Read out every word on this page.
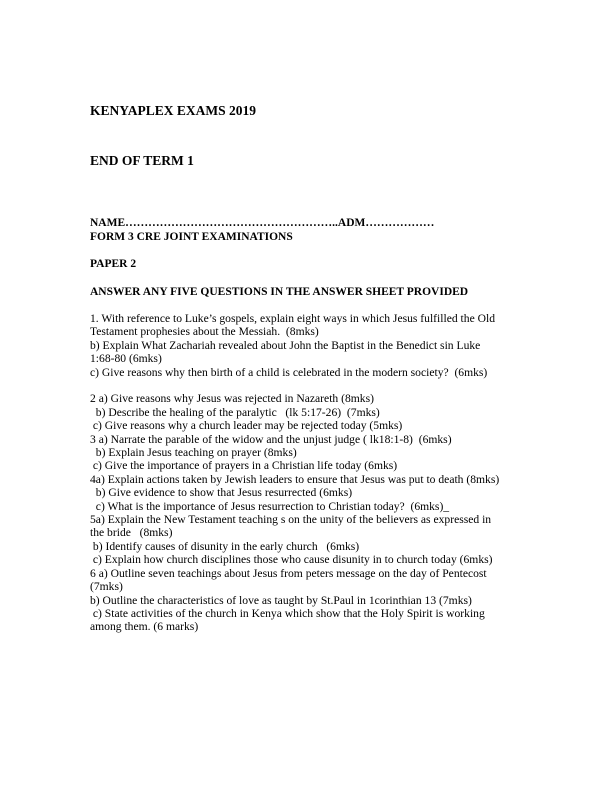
KENYAPLEX EXAMS 2019

END OF TERM 1

NAME………………………………………………..ADM………………
FORM 3 CRE JOINT EXAMINATIONS
PAPER 2
ANSWER ANY FIVE QUESTIONS IN THE ANSWER SHEET PROVIDED
1. With reference to Luke’s gospels, explain eight ways in which Jesus fulfilled the Old
Testament prophesies about the Messiah.  (8mks)
b) Explain What Zachariah revealed about John the Baptist in the Benedict sin Luke
1:68-80 (6mks)
c) Give reasons why then birth of a child is celebrated in the modern society?  (6mks)
2 a) Give reasons why Jesus was rejected in Nazareth (8mks)
b) Describe the healing of the paralytic   (lk 5:17-26)  (7mks)
c) Give reasons why a church leader may be rejected today (5mks)
3 a) Narrate the parable of the widow and the unjust judge ( lk18:1-8)  (6mks)
b) Explain Jesus teaching on prayer (8mks)
c) Give the importance of prayers in a Christian life today (6mks)
4a) Explain actions taken by Jewish leaders to ensure that Jesus was put to death (8mks)
b) Give evidence to show that Jesus resurrected (6mks)
c) What is the importance of Jesus resurrection to Christian today?  (6mks)_
5a) Explain the New Testament teaching s on the unity of the believers as expressed in
the bride   (8mks)
b) Identify causes of disunity in the early church   (6mks)
c) Explain how church disciplines those who cause disunity in to church today (6mks)
6 a) Outline seven teachings about Jesus from peters message on the day of Pentecost
(7mks)
b) Outline the characteristics of love as taught by St.Paul in 1corinthian 13 (7mks)
c) State activities of the church in Kenya which show that the Holy Spirit is working
among them. (6 marks)
